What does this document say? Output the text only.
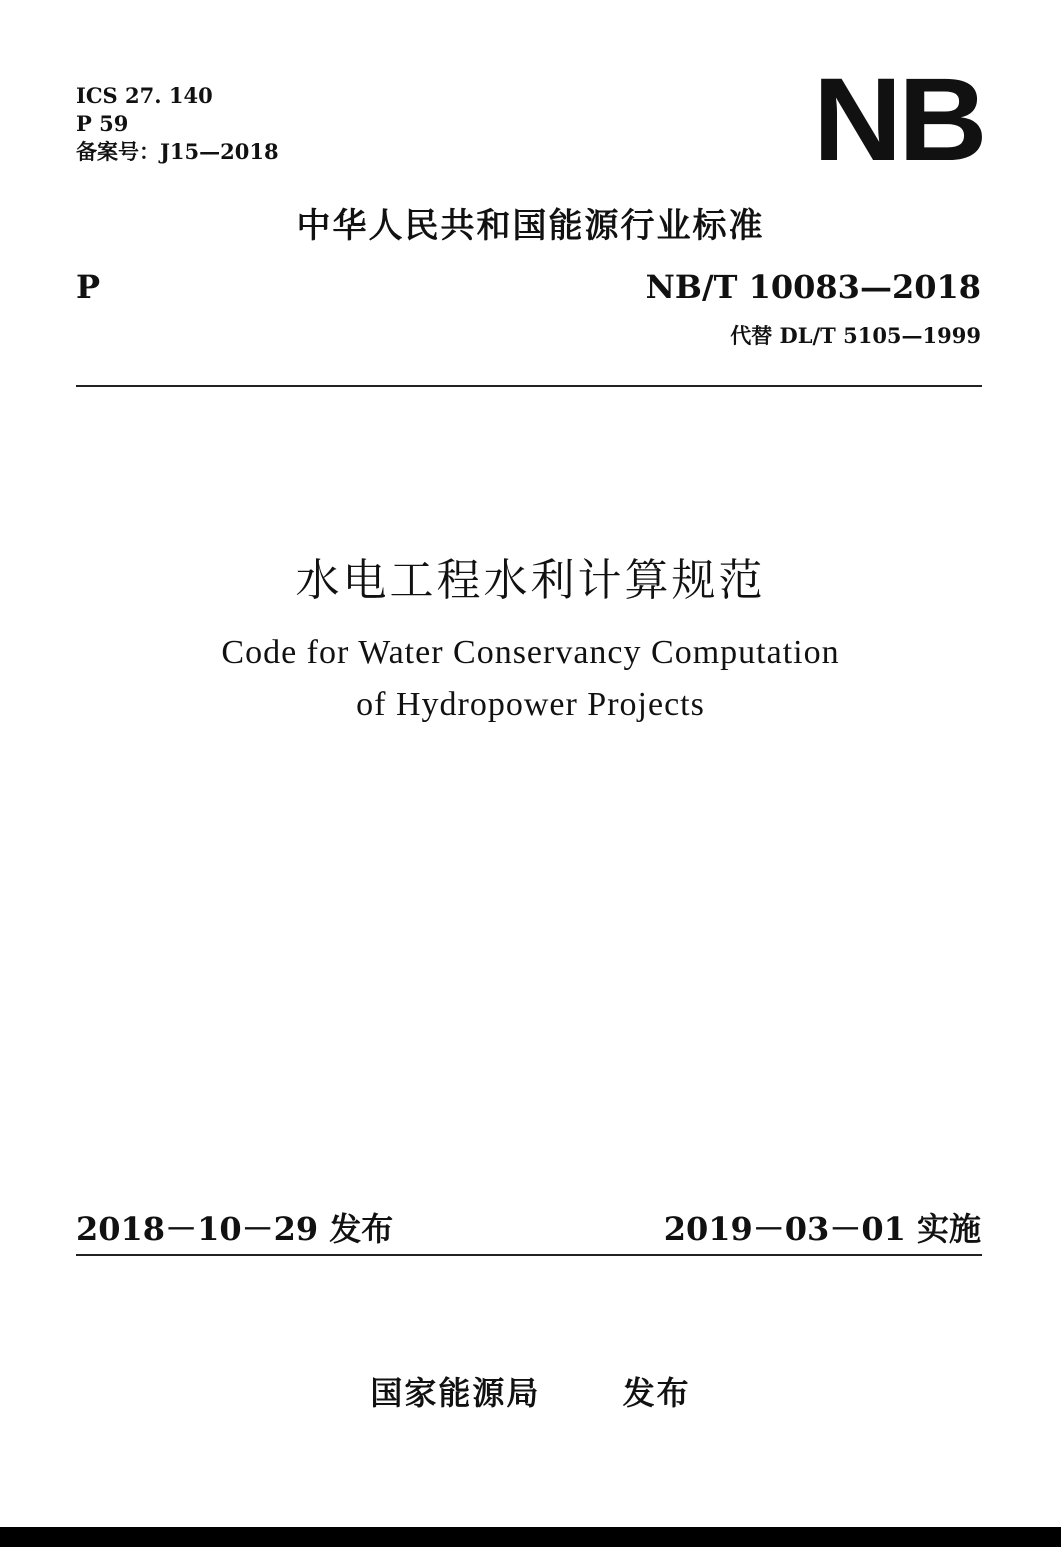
ICS 27. 140
P 59
备案号：J15—2018	NB
中华人民共和国能源行业标准
P	NB/T 10083—2018
代替 DL/T 5105—1999
水电工程水利计算规范
Code for Water Conservancy Computation
of Hydropower Projects
2018－10－29 发布	2019－03－01 实施
国家能源局	发布
